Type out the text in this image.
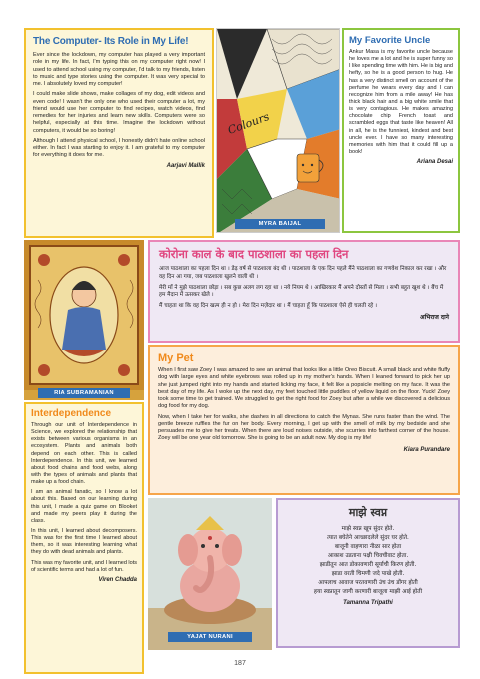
The Computer- Its Role in My Life!

Ever since the lockdown, my computer has played a very important role in my life. In fact, I'm typing this on my computer right now! I used to attend school using my computer, I'd talk to my friends, listen to music and type stories using the computer. It was very special to me. I absolutely loved my computer!

I could make slide shows, make collages of my dog, edit videos and even code! I wasn't the only one who used their computer a lot, my friend would use her computer to find recipes, watch videos, find remedies for her injuries and learn new skills. Computers were so helpful, especially at this time. Imagine the lockdown without computers, it would be so boring!

Although I attend physical school, I honestly didn't hate online school either. In fact I was starting to enjoy it. I am grateful to my computer for everything it does for me.

Aarjavi Mallik
Colours
MYRA BAIJAL
My Favorite Uncle

Ankur Masa is my favorite uncle because he loves me a lot and he is super funny so I like spending time with him. He is big and hefty, so he is a good person to hug. He has a very distinct smell on account of the perfume he wears every day and I can recognize him from a mile away! He has thick black hair and a big white smile that is very contagious. He makes amazing chocolate chip French toast and scrambled eggs that taste like heaven! All in all, he is the funniest, kindest and best uncle ever. I have so many interesting memories with him that it could fill up a book!

Ariana Desai
RIA SUBRAMANIAN
कोरोना काल के बाद पाठशाला का पहला दिन

आज पाठशाला का पहला दिन था । डेढ़ वर्ष से पाठशाला बंद थी । पाठशाला के एक दिन पहले मैंने पाठशाला का गणवेश निकाल कर रखा । और वह दिन आ गया, जब पाठशाला खुलने वाली थी ।

मेरी माँ ने मुझे पाठशाला छोड़ा । सब कुछ अलग लग रहा था । नये नियम थे । आखिरकार मैं अपने दोस्तों से मिला । सभी बहुत खुश थे । बैंच में हम मैदान में ऊसकर खेले ।

मैं चाहता था कि वह दिन खत्म ही न हो । मेरा दिन मज़ेदार था । मैं चाहता हूँ कि पाठशाला ऐसे ही चलती रहे ।

अभिराज दाने
Interdependence

Through our unit of Interdependence in Science, we explored the relationship that exists between various organisms in an ecosystem. Plants and animals both depend on each other. This is called Interdependence. In this unit, we learned about food chains and food webs, along with the types of animals and plants that make up a food chain.

I am an animal fanatic, so I know a lot about this. Based on our learning during this unit, I made a quiz game on Blooket and made my peers play it during the class.

In this unit, I learned about decomposers. This was for the first time I learned about them, so it was interesting learning what they do with dead animals and plants.

This was my favorite unit, and I learned lots of scientific terms and had a lot of fun.

Viren Chadda
My Pet

When I first saw Zoey I was amazed to see an animal that looks like a little Oreo Biscuit. A small black and white fluffy dog with large eyes and white eyebrows was rolled up in my mother's hands. When I leaned forward to pick her up she just jumped right into my hands and started licking my face, it felt like a popsicle melting on my face. It was the best day of my life. As I woke up the next day, my feet touched little puddles of yellow liquid on the floor. Yuck! Zoey took some time to get trained. We struggled to get the right food for Zoey but after a while we discovered a delicious dog food for my dog.

Now, when I take her for walks, she dashes in all directions to catch the Mynas. She runs faster than the wind. The gentle breeze ruffles the fur on her body. Every morning, I get up with the smell of milk by my bedside and she persuades me to give her treats. When there are loud noises outside, she scurries into farthest corner of the house. Zoey will be one year old tomorrow. She is going to be an adult now. My dog is my life!

Kiara Purandare
YAJAT NURANI
माझे स्वप्न
माझे स्वप्न खूप सुंदर होते.
त्यात बघेतेने आच्छादलेले सुंदर घर होते.
बाजूनी वाहणारा नीळा सार होता
आकाश उडताना पक्षी चिवचीवाट होता.
झाडीतून आत डोकावणारी सूर्याची किरण होती.
झाडा वरती चिमणी जदे पाखे होती.
आपलाच आवाज परतवणारी उंच उंच डोंगर होती
हया स्वप्नातून जागी करणारी बाजूला माझी आई होती
Tamanna Tripathi
187
